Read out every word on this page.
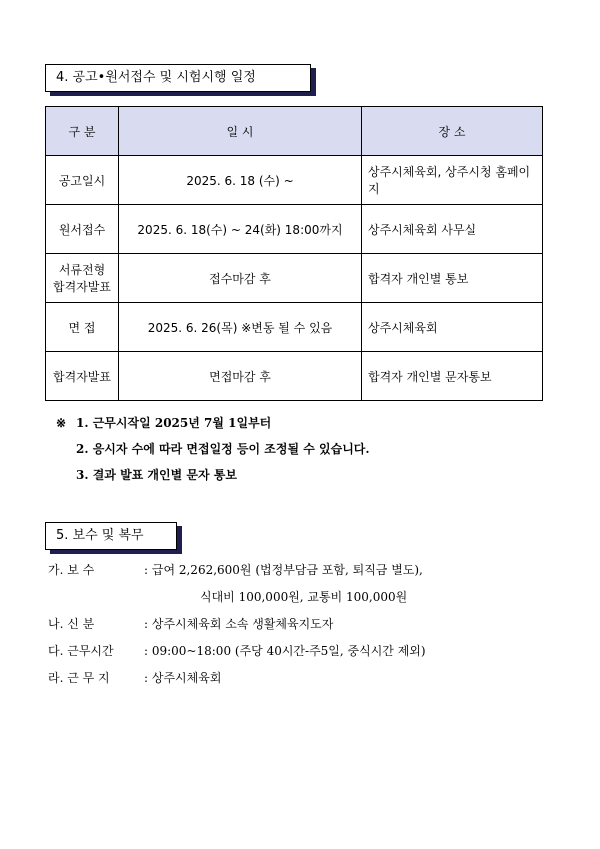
4. 공고•원서접수 및 시험시행 일정
구 분	일 시	장 소
공고일시	2025. 6. 18 (수) ~	상주시체육회, 상주시청 홈페이지
원서접수	2025. 6. 18(수) ~ 24(화) 18:00까지	상주시체육회 사무실
서류전형 합격자발표	접수마감 후	합격자 개인별 통보
면 접	2025. 6. 26(목) ※변동 될 수 있음	상주시체육회
합격자발표	면접마감 후	합격자 개인별 문자통보
※ 1. 근무시작일 2025년 7월 1일부터
2. 응시자 수에 따라 면접일정 등이 조정될 수 있습니다.
3. 결과 발표 개인별 문자 통보
5. 보수 및 복무
가. 보 수	: 급여 2,262,600원 (법정부담금 포함, 퇴직금 별도),
식대비 100,000원, 교통비 100,000원
나. 신 분	: 상주시체육회 소속 생활체육지도자
다. 근무시간	: 09:00~18:00 (주당 40시간-주5일, 중식시간 제외)
라. 근 무 지	: 상주시체육회
